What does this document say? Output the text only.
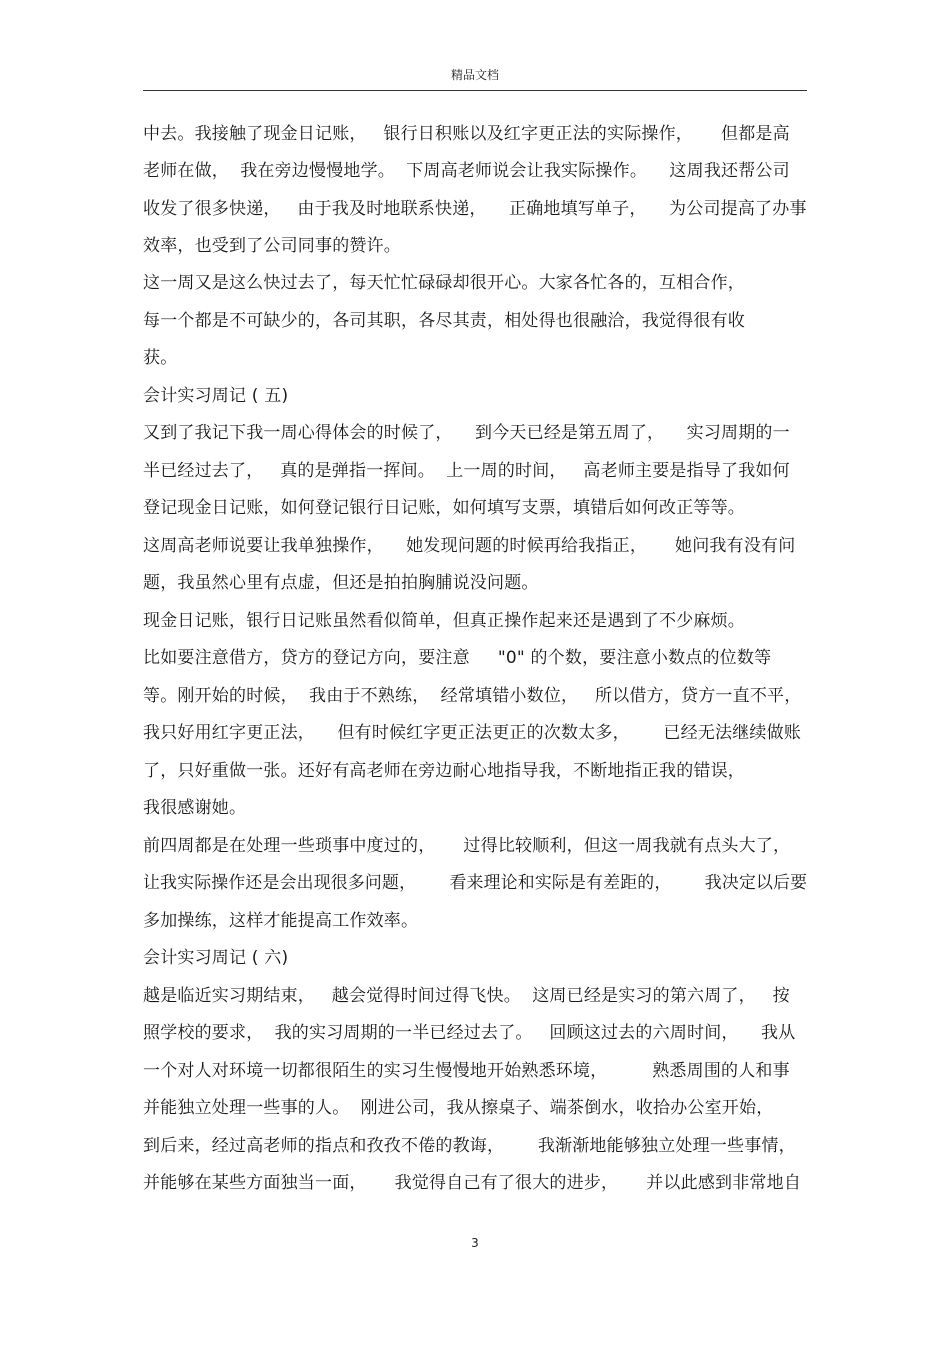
精品文档
中去。我接触了现金日记账，   银行日积账以及红字更正法的实际操作，     但都是高
老师在做，  我在旁边慢慢地学。  下周高老师说会让我实际操作。    这周我还帮公司
收发了很多快递，   由于我及时地联系快递，    正确地填写单子，    为公司提高了办事
效率，也受到了公司同事的赞许。
这一周又是这么快过去了，每天忙忙碌碌却很开心。大家各忙各的，互相合作，
每一个都是不可缺少的，各司其职，各尽其责，相处得也很融洽，我觉得很有收
获。
会计实习周记 ( 五)
又到了我记下我一周心得体会的时候了，    到今天已经是第五周了，    实习周期的一
半已经过去了，   真的是弹指一挥间。  上一周的时间，   高老师主要是指导了我如何
登记现金日记账，如何登记银行日记账，如何填写支票，填错后如何改正等等。
这周高老师说要让我单独操作，    她发现问题的时候再给我指正，     她问我有没有问
题，我虽然心里有点虚，但还是拍拍胸脯说没问题。
现金日记账，银行日记账虽然看似简单，但真正操作起来还是遇到了不少麻烦。
比如要注意借方，贷方的登记方向，要注意     "0" 的个数，要注意小数点的位数等
等。刚开始的时候，  我由于不熟练，  经常填错小数位，   所以借方，贷方一直不平，
我只好用红字更正法，    但有时候红字更正法更正的次数太多，      已经无法继续做账
了，只好重做一张。还好有高老师在旁边耐心地指导我，不断地指正我的错误，
我很感谢她。
前四周都是在处理一些琐事中度过的，     过得比较顺利，但这一周我就有点头大了，
让我实际操作还是会出现很多问题，      看来理论和实际是有差距的，      我决定以后要
多加操练，这样才能提高工作效率。
会计实习周记 ( 六)
越是临近实习期结束，   越会觉得时间过得飞快。  这周已经是实习的第六周了，   按
照学校的要求，  我的实习周期的一半已经过去了。   回顾这过去的六周时间，    我从
一个对人对环境一切都很陌生的实习生慢慢地开始熟悉环境，        熟悉周围的人和事
并能独立处理一些事的人。  刚进公司，我从擦桌子、端茶倒水，收拾办公室开始，
到后来，经过高老师的指点和孜孜不倦的教诲，      我渐渐地能够独立处理一些事情，
并能够在某些方面独当一面，     我觉得自己有了很大的进步，     并以此感到非常地自
3
